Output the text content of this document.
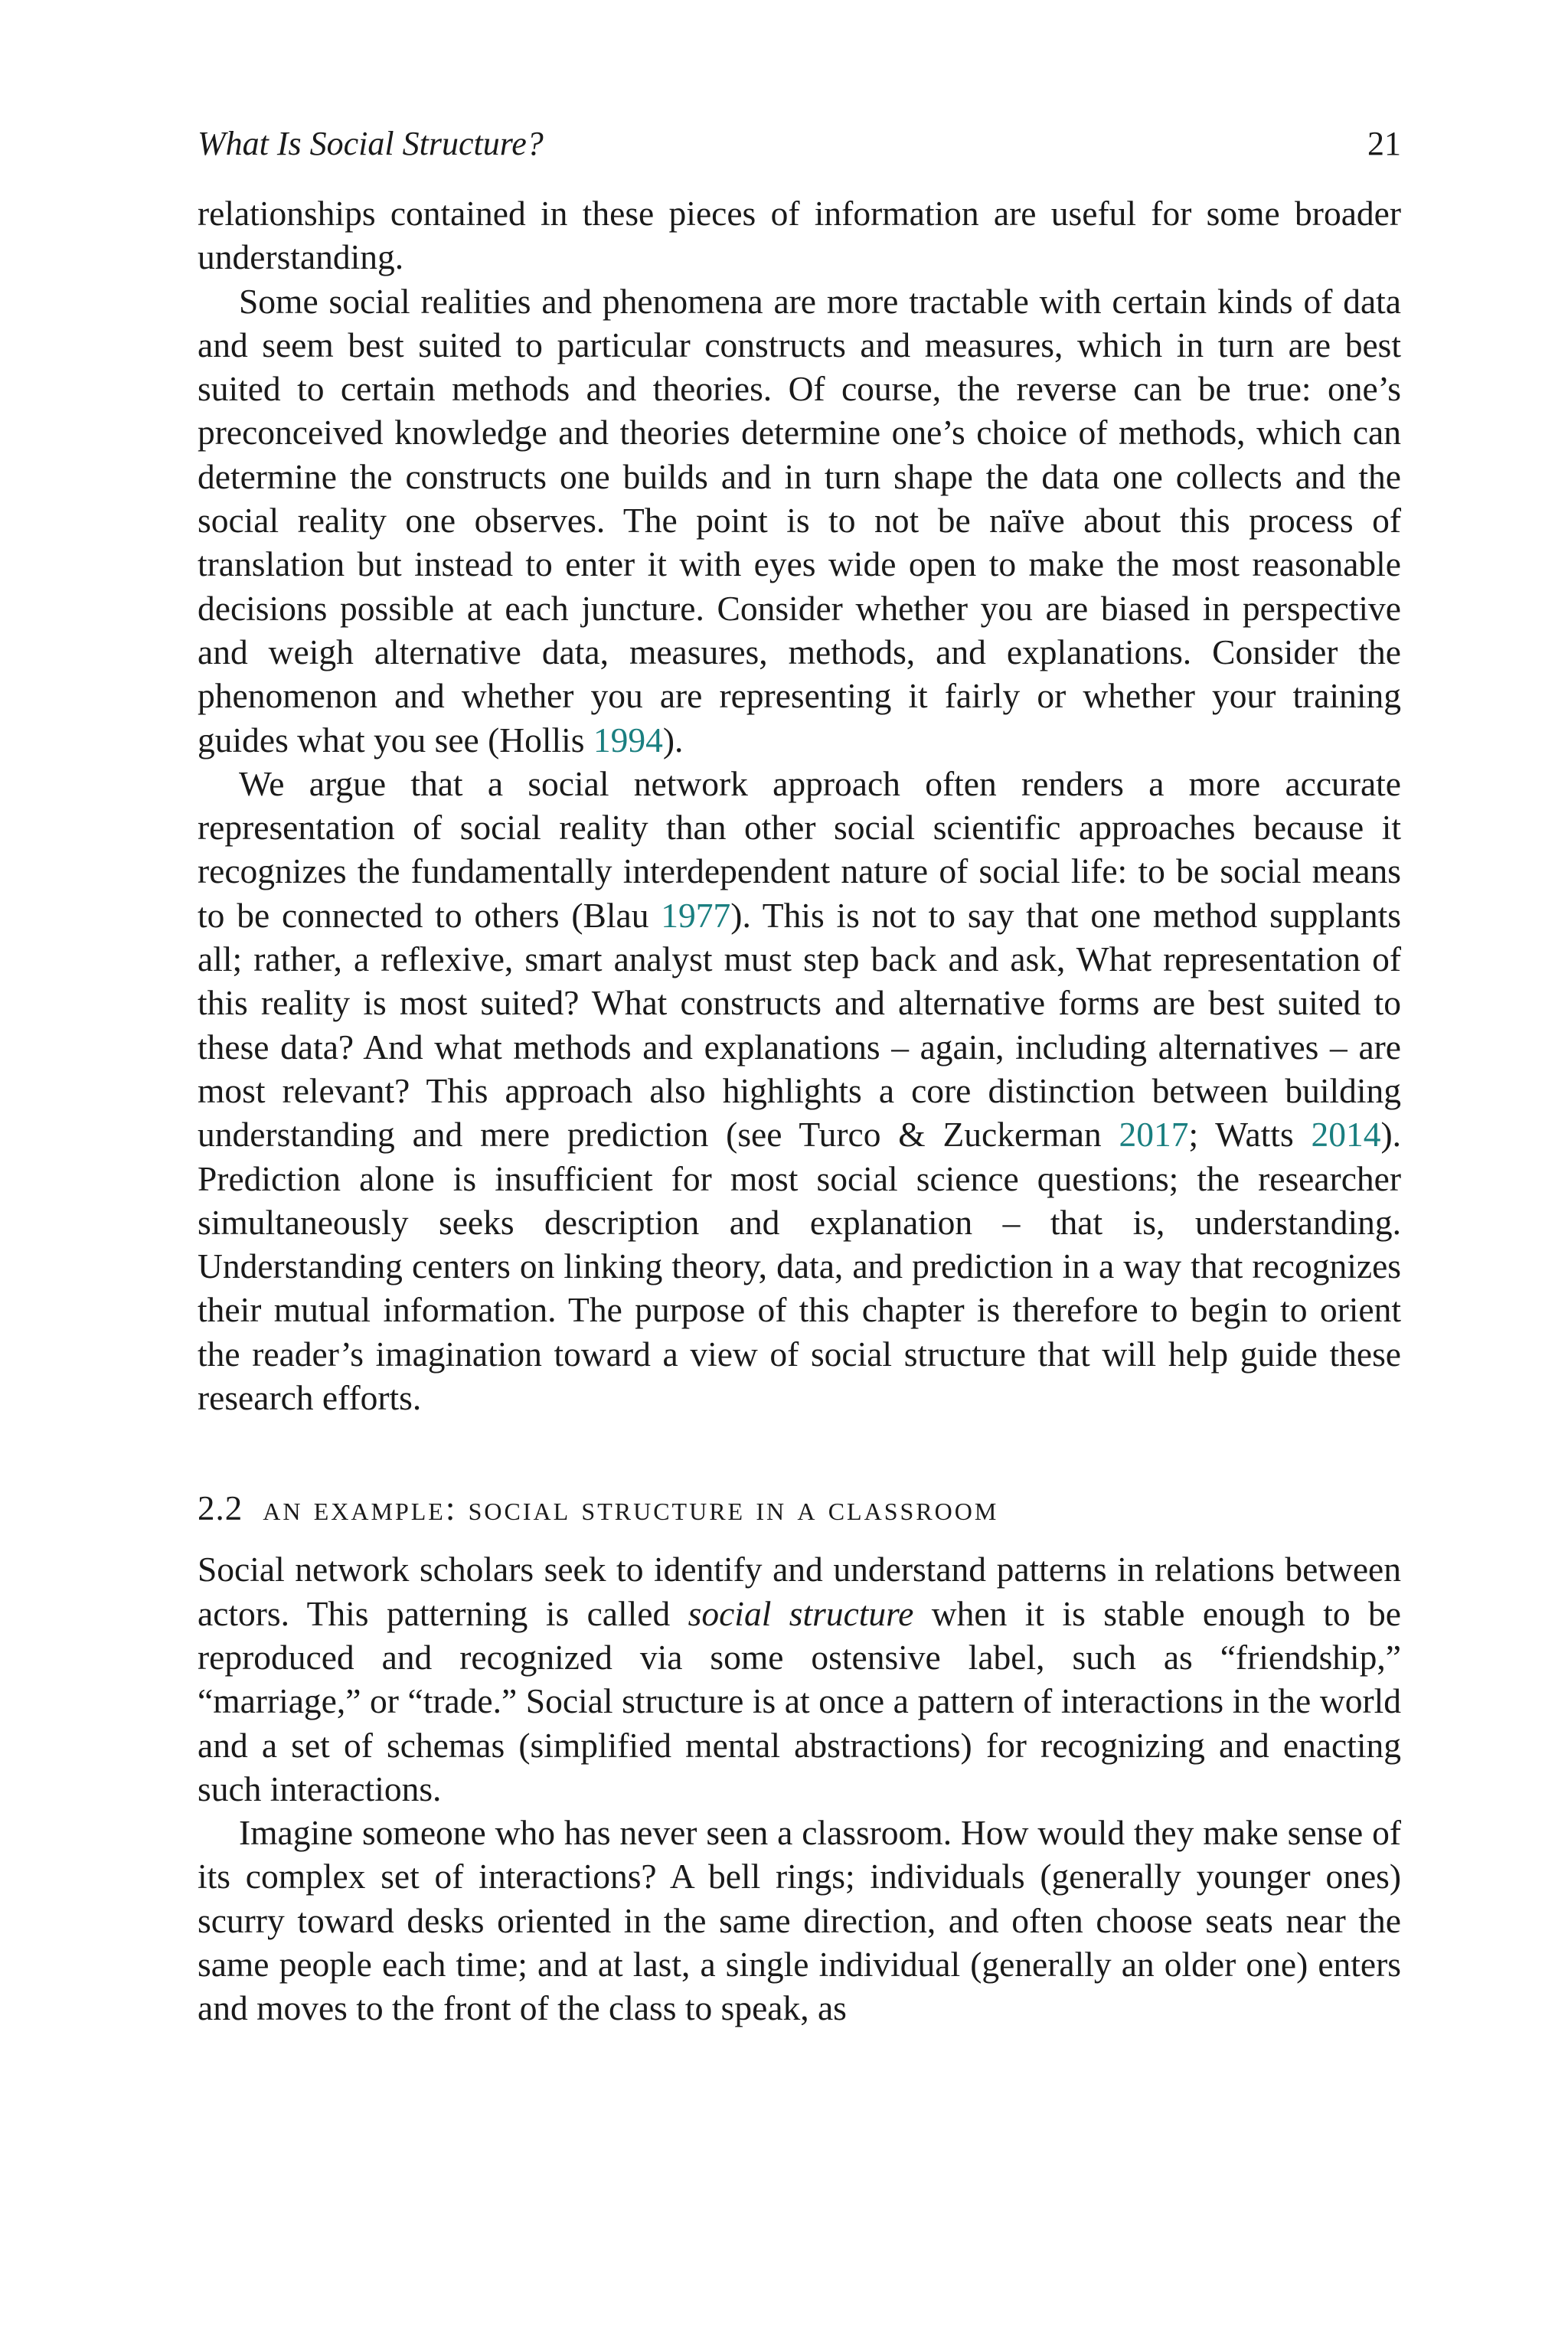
What Is Social Structure?	21

relationships contained in these pieces of information are useful for some broader understanding.

Some social realities and phenomena are more tractable with certain kinds of data and seem best suited to particular constructs and measures, which in turn are best suited to certain methods and theories. Of course, the reverse can be true: one’s preconceived knowledge and theories determine one’s choice of methods, which can determine the constructs one builds and in turn shape the data one collects and the social reality one observes. The point is to not be naïve about this process of translation but instead to enter it with eyes wide open to make the most reasonable decisions possible at each juncture. Consider whether you are biased in perspective and weigh alternative data, measures, methods, and explanations. Consider the phenomenon and whether you are representing it fairly or whether your training guides what you see (Hollis 1994).

We argue that a social network approach often renders a more accurate representation of social reality than other social scientific approaches because it recognizes the fundamentally interdependent nature of social life: to be social means to be connected to others (Blau 1977). This is not to say that one method supplants all; rather, a reflexive, smart analyst must step back and ask, What representation of this reality is most suited? What constructs and alternative forms are best suited to these data? And what methods and explanations – again, including alternatives – are most relevant? This approach also highlights a core distinction between building understanding and mere prediction (see Turco & Zuckerman 2017; Watts 2014). Prediction alone is insufficient for most social science questions; the researcher simultaneously seeks description and explanation – that is, understanding. Understanding centers on linking theory, data, and prediction in a way that recognizes their mutual information. The purpose of this chapter is therefore to begin to orient the reader’s imagination toward a view of social structure that will help guide these research efforts.

2.2 an example: social structure in a classroom

Social network scholars seek to identify and understand patterns in relations between actors. This patterning is called social structure when it is stable enough to be reproduced and recognized via some ostensive label, such as “friendship,” “marriage,” or “trade.” Social structure is at once a pattern of interactions in the world and a set of schemas (simplified mental abstractions) for recognizing and enacting such interactions.

Imagine someone who has never seen a classroom. How would they make sense of its complex set of interactions? A bell rings; individuals (generally younger ones) scurry toward desks oriented in the same direction, and often choose seats near the same people each time; and at last, a single individual (generally an older one) enters and moves to the front of the class to speak, as
